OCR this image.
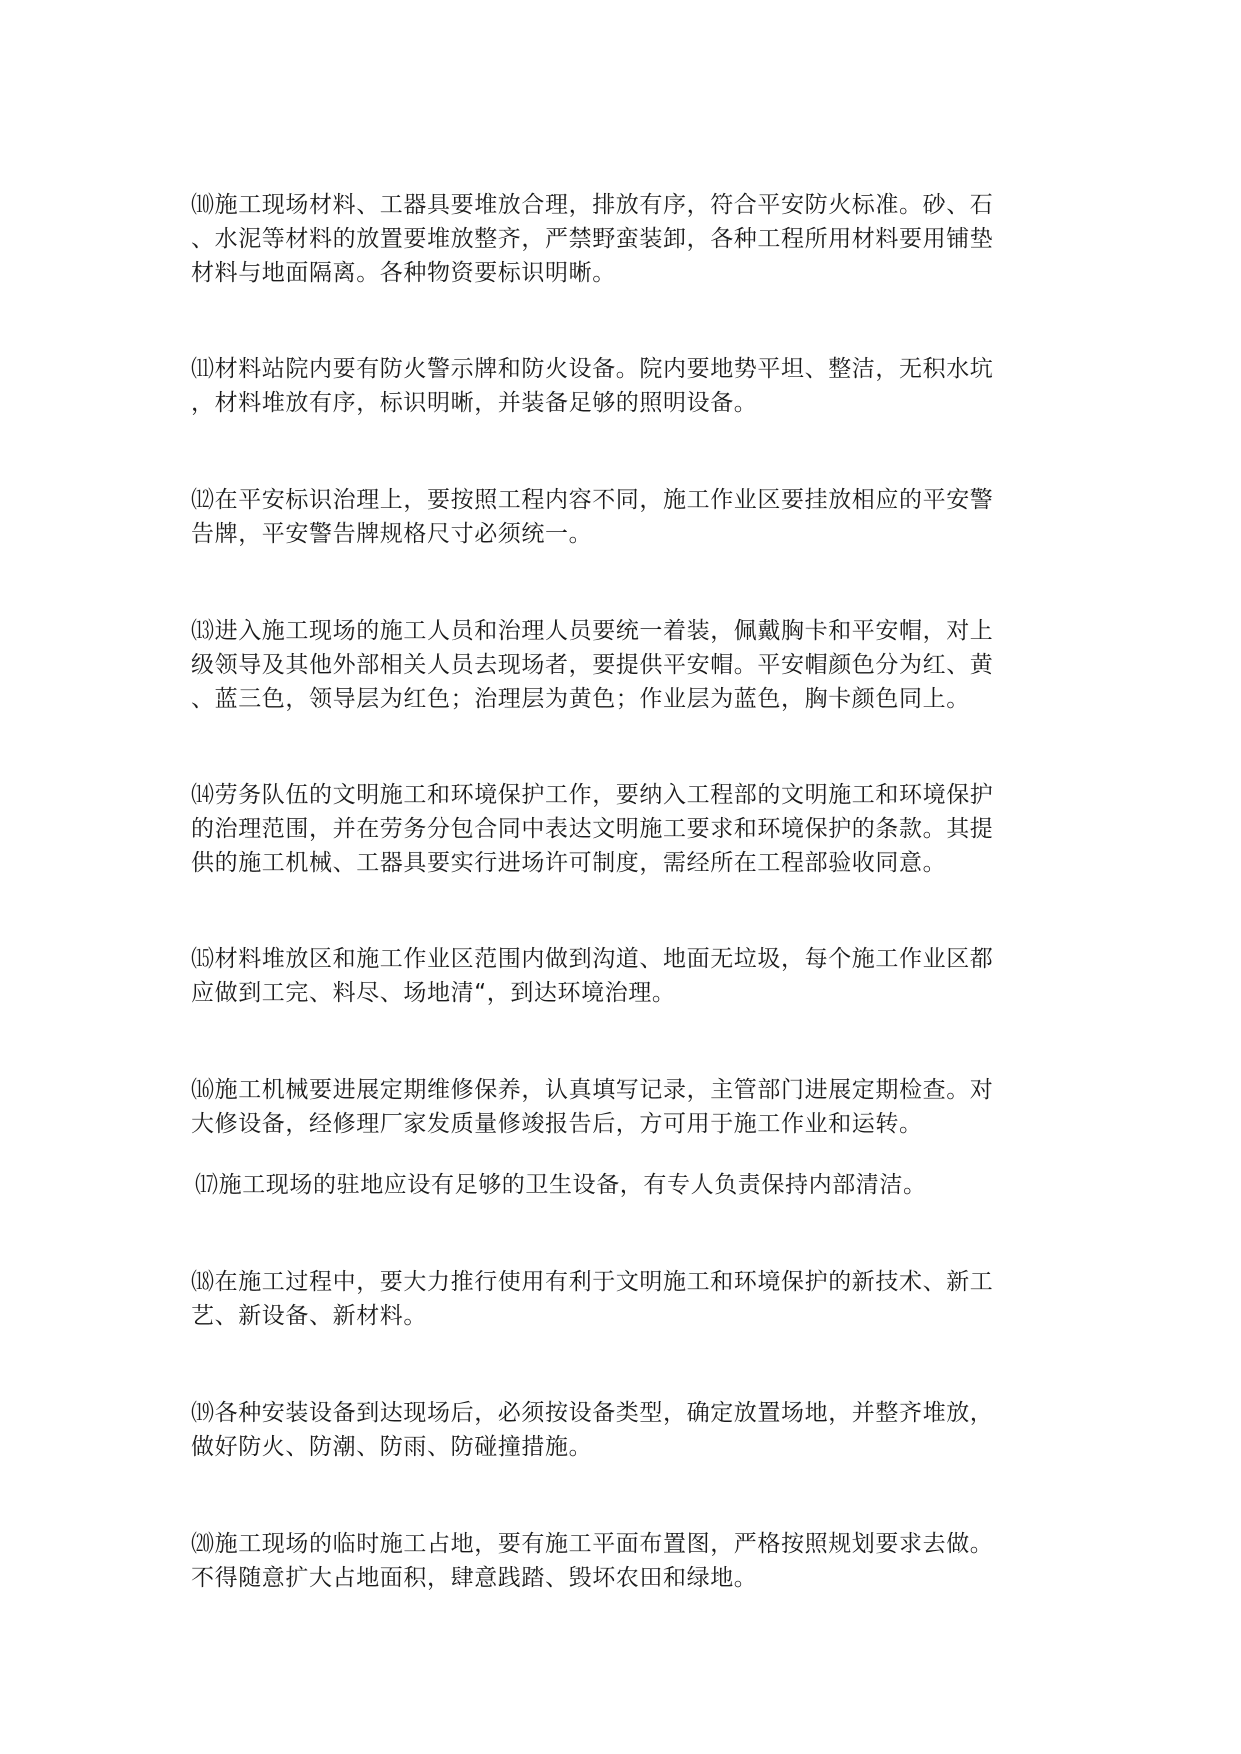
⑽施工现场材料、工器具要堆放合理，排放有序，符合平安防火标准。砂、石
、水泥等材料的放置要堆放整齐，严禁野蛮装卸，各种工程所用材料要用铺垫
材料与地面隔离。各种物资要标识明晰。

⑾材料站院内要有防火警示牌和防火设备。院内要地势平坦、整洁，无积水坑
，材料堆放有序，标识明晰，并装备足够的照明设备。

⑿在平安标识治理上，要按照工程内容不同，施工作业区要挂放相应的平安警
告牌，平安警告牌规格尺寸必须统一。

⒀进入施工现场的施工人员和治理人员要统一着装，佩戴胸卡和平安帽，对上
级领导及其他外部相关人员去现场者，要提供平安帽。平安帽颜色分为红、黄
、蓝三色，领导层为红色；治理层为黄色；作业层为蓝色，胸卡颜色同上。

⒁劳务队伍的文明施工和环境保护工作，要纳入工程部的文明施工和环境保护
的治理范围，并在劳务分包合同中表达文明施工要求和环境保护的条款。其提
供的施工机械、工器具要实行进场许可制度，需经所在工程部验收同意。

⒂材料堆放区和施工作业区范围内做到沟道、地面无垃圾，每个施工作业区都
应做到工完、料尽、场地清“，到达环境治理。

⒃施工机械要进展定期维修保养，认真填写记录，主管部门进展定期检查。对
大修设备，经修理厂家发质量修竣报告后，方可用于施工作业和运转。

⒄施工现场的驻地应设有足够的卫生设备，有专人负责保持内部清洁。

⒅在施工过程中，要大力推行使用有利于文明施工和环境保护的新技术、新工
艺、新设备、新材料。

⒆各种安装设备到达现场后，必须按设备类型，确定放置场地，并整齐堆放，
做好防火、防潮、防雨、防碰撞措施。

⒇施工现场的临时施工占地，要有施工平面布置图，严格按照规划要求去做。
不得随意扩大占地面积，肆意践踏、毁坏农田和绿地。
